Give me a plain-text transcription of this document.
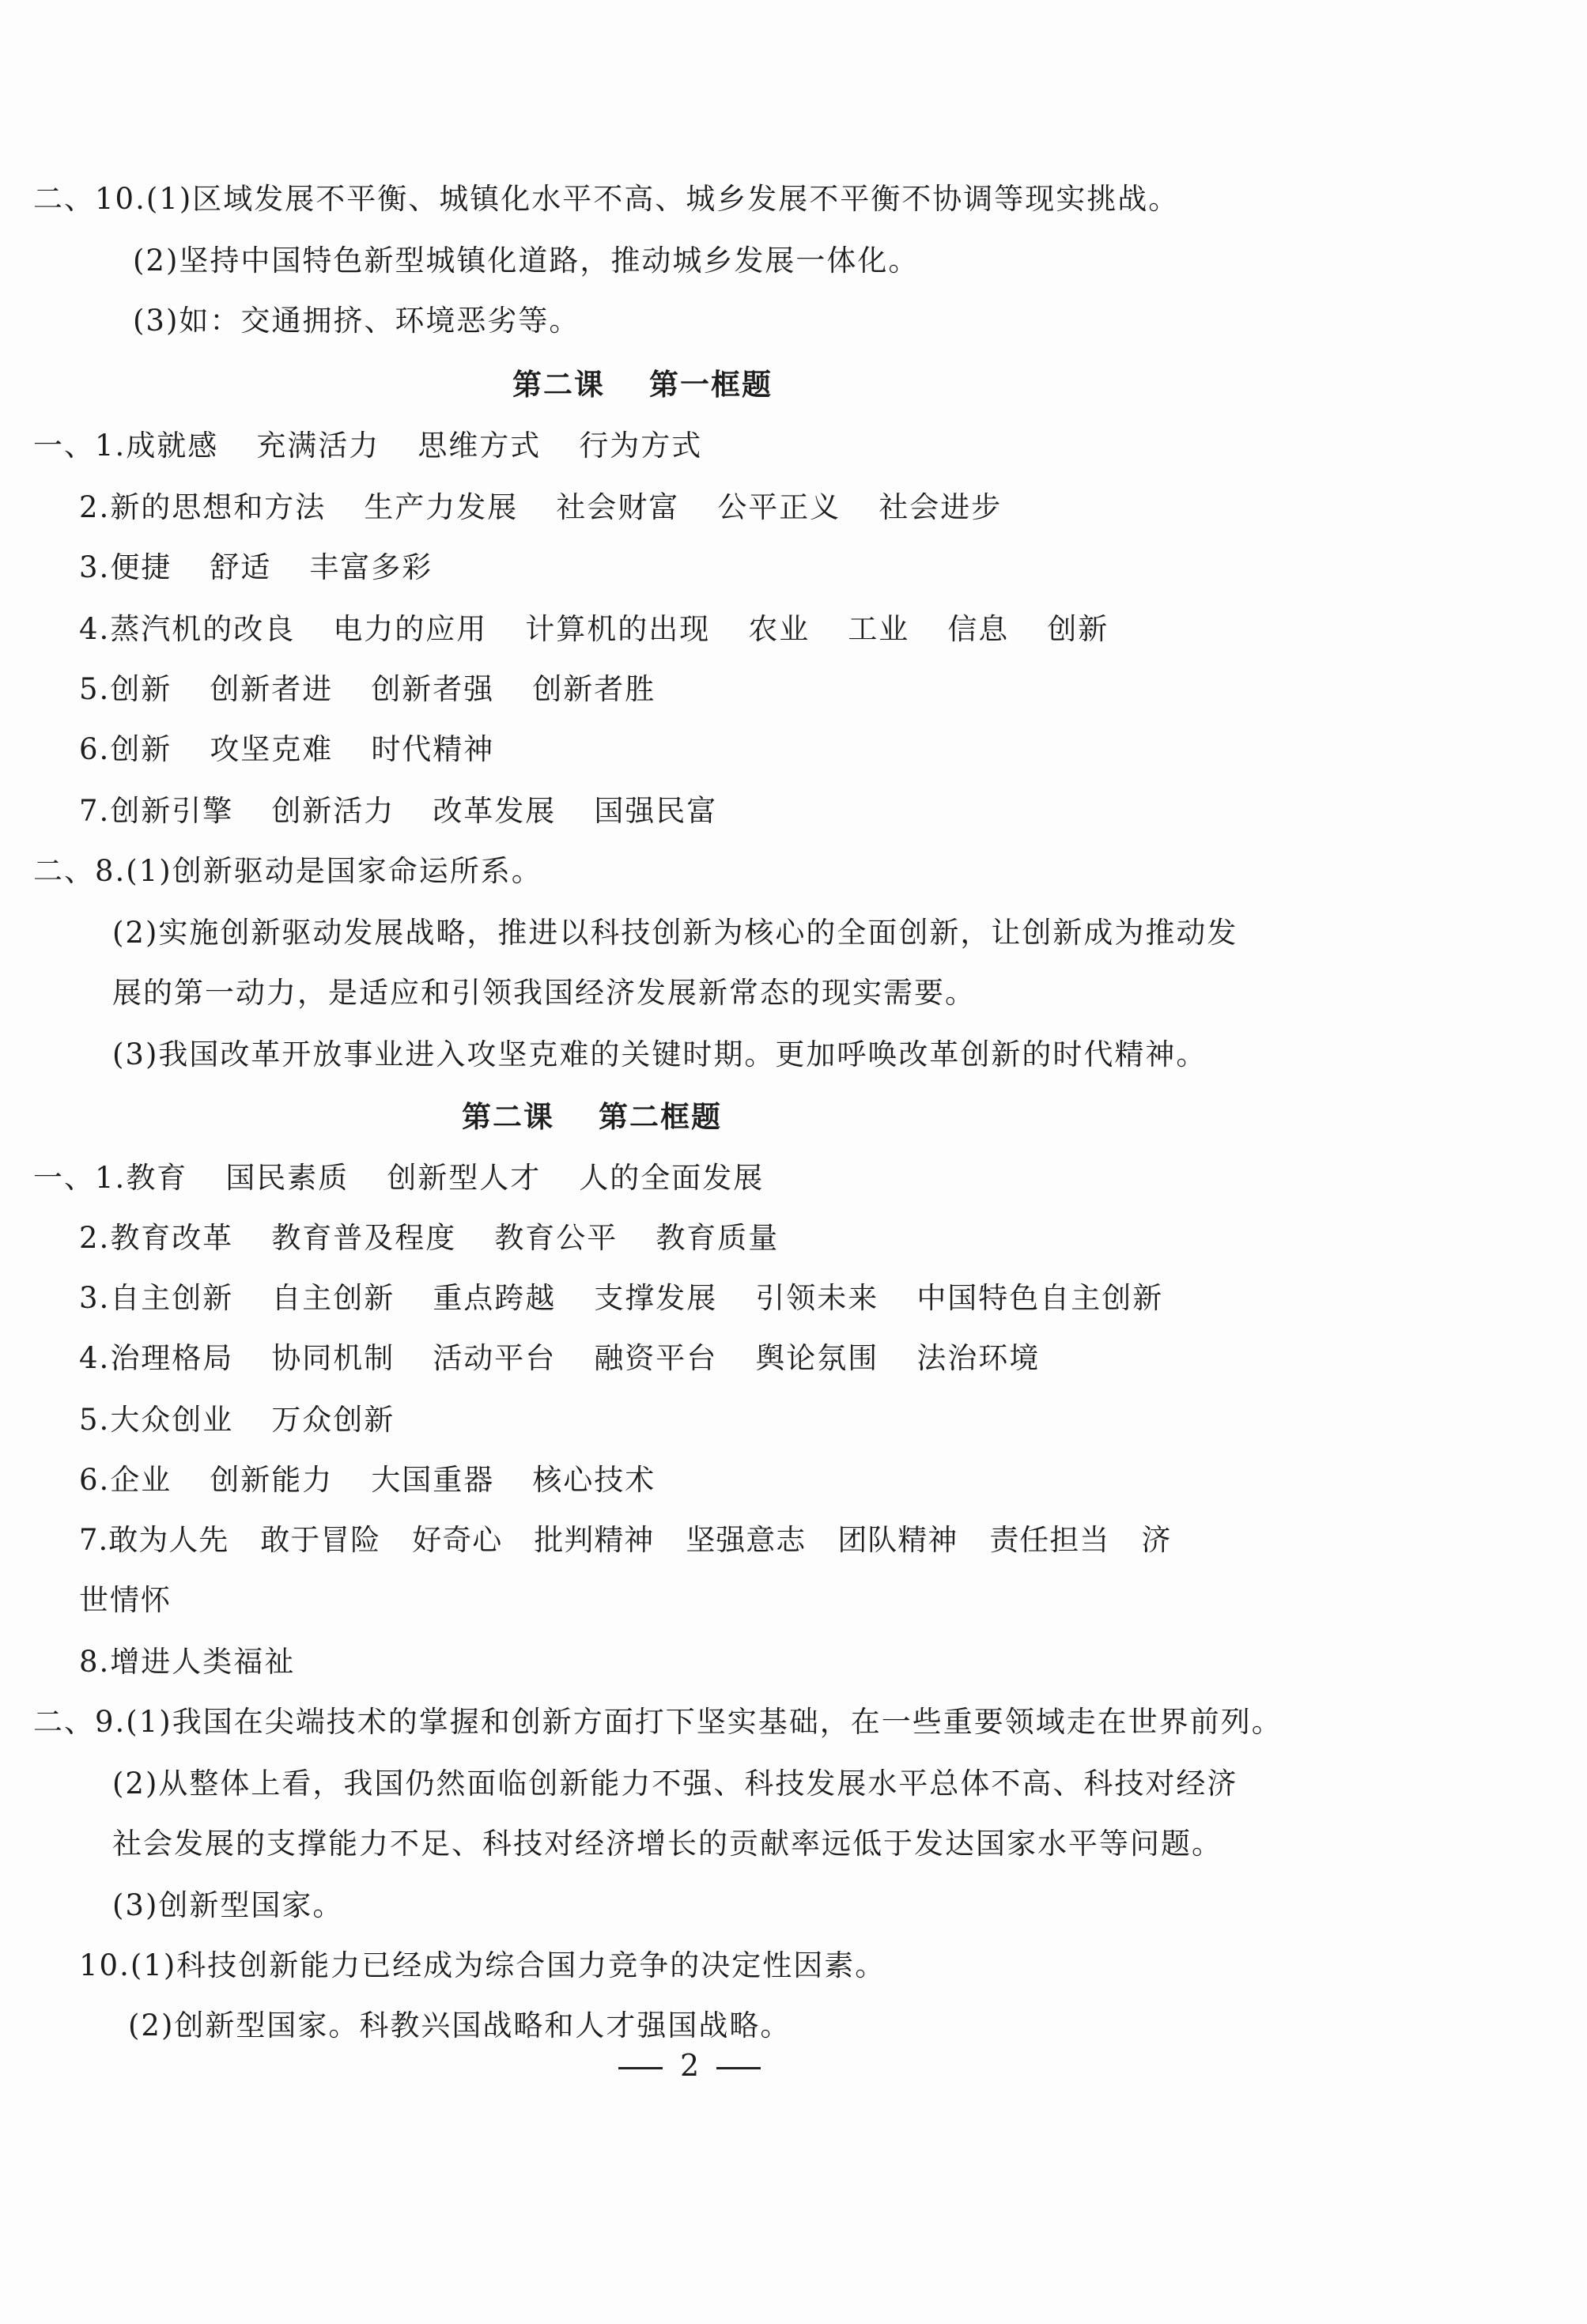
二、10.(1)区域发展不平衡、城镇化水平不高、城乡发展不平衡不协调等现实挑战。
(2)坚持中国特色新型城镇化道路，推动城乡发展一体化。
(3)如：交通拥挤、环境恶劣等。
第二课 第一框题
一、1.成就感 充满活力 思维方式 行为方式
2.新的思想和方法 生产力发展 社会财富 公平正义 社会进步
3.便捷 舒适 丰富多彩
4.蒸汽机的改良 电力的应用 计算机的出现 农业 工业 信息 创新
5.创新 创新者进 创新者强 创新者胜
6.创新 攻坚克难 时代精神
7.创新引擎 创新活力 改革发展 国强民富
二、8.(1)创新驱动是国家命运所系。
(2)实施创新驱动发展战略，推进以科技创新为核心的全面创新，让创新成为推动发
展的第一动力，是适应和引领我国经济发展新常态的现实需要。
(3)我国改革开放事业进入攻坚克难的关键时期。更加呼唤改革创新的时代精神。
第二课 第二框题
一、1.教育 国民素质 创新型人才 人的全面发展
2.教育改革 教育普及程度 教育公平 教育质量
3.自主创新 自主创新 重点跨越 支撑发展 引领未来 中国特色自主创新
4.治理格局 协同机制 活动平台 融资平台 舆论氛围 法治环境
5.大众创业 万众创新
6.企业 创新能力 大国重器 核心技术
7.敢为人先 敢于冒险 好奇心 批判精神 坚强意志 团队精神 责任担当 济
世情怀
8.增进人类福祉
二、9.(1)我国在尖端技术的掌握和创新方面打下坚实基础，在一些重要领域走在世界前列。
(2)从整体上看，我国仍然面临创新能力不强、科技发展水平总体不高、科技对经济
社会发展的支撑能力不足、科技对经济增长的贡献率远低于发达国家水平等问题。
(3)创新型国家。
10.(1)科技创新能力已经成为综合国力竞争的决定性因素。
(2)创新型国家。科教兴国战略和人才强国战略。
2
